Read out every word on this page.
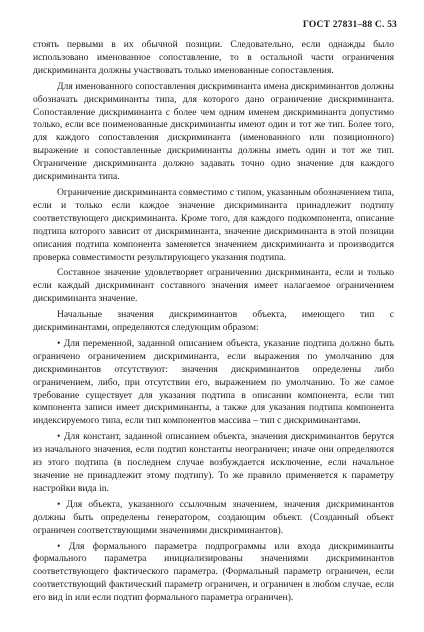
ГОСТ 27831–88 С. 53

стоять первыми в их обычной позиции. Следовательно, если однажды было использовано именованное сопоставление, то в остальной части ограничения дискриминанта должны участвовать только именованные сопоставления.

Для именованного сопоставления дискриминанта имена дискриминантов должны обозначать дискриминанты типа, для которого дано ограничение дискриминанта. Сопоставление дискриминанта с более чем одним именем дискриминанта допустимо только, если все поименованные дискриминанты имеют один и тот же тип. Более того, для каждого сопоставления дискриминанта (именованного или позиционного) выражение и сопоставленные дискриминанты должны иметь один и тот же тип. Ограничение дискриминанта должно задавать точно одно значение для каждого дискриминанта типа.

Ограничение дискриминанта совместимо с типом, указанным обозначением типа, если и только если каждое значение дискриминанта принадлежит подтипу соответствующего дискриминанта. Кроме того, для каждого подкомпонента, описание подтипа которого зависит от дискриминанта, значение дискриминанта в этой позиции описания подтипа компонента заменяется значением дискриминанта и производится проверка совместимости результирующего указания подтипа.

Составное значение удовлетворяет ограничению дискриминанта, если и только если каждый дискриминант составного значения имеет налагаемое ограничением дискриминанта значение.

Начальные значения дискриминантов объекта, имеющего тип с дискриминантами, определяются следующим образом:

• Для переменной, заданной описанием объекта, указание подтипа должно быть ограничено ограничением дискриминанта, если выражения по умолчанию для дискриминантов отсутствуют: значения дискриминантов определены либо ограничением, либо, при отсутствии его, выражением по умолчанию. То же самое требование существует для указания подтипа в описании компонента, если тип компонента записи имеет дискриминанты, а также для указания подтипа компонента индексируемого типа, если тип компонентов массива – тип с дискриминантами.

• Для констант, заданной описанием объекта, значения дискриминантов берутся из начального значения, если подтип константы неограничен; иначе они определяются из этого подтипа (в последнем случае возбуждается исключение, если начальное значение не принадлежит этому подтипу). То же правило применяется к параметру настройки вида in.

• Для объекта, указанного ссылочным значением, значения дискриминантов должны быть определены генератором, создающим объект. (Созданный объект ограничен соответствующими значениями дискриминантов).

• Для формального параметра подпрограммы или входа дискриминанты формального параметра инициализированы значениями дискриминантов соответствующего фактического параметра. (Формальный параметр ограничен, если соответствующий фактический параметр ограничен, и ограничен в любом случае, если его вид in или если подтип формального параметра ограничен).
